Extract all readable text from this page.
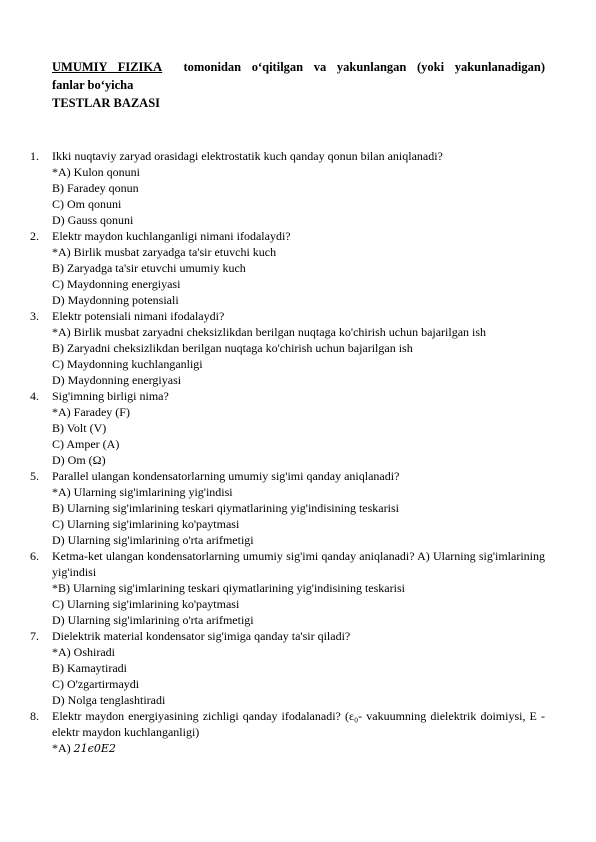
UMUMIY FIZIKA tomonidan o‘qitilgan va yakunlangan (yoki yakunlanadigan)
fanlar bo‘yicha
TESTLAR BAZASI
1. Ikki nuqtaviy zaryad orasidagi elektrostatik kuch qanday qonun bilan aniqlanadi?
*A) Kulon qonuni
B) Faradey qonun
C) Om qonuni
D) Gauss qonuni
2. Elektr maydon kuchlanganligi nimani ifodalaydi?
*A) Birlik musbat zaryadga ta'sir etuvchi kuch
B) Zaryadga ta'sir etuvchi umumiy kuch
C) Maydonning energiyasi
D) Maydonning potensiali
3. Elektr potensiali nimani ifodalaydi?
*A) Birlik musbat zaryadni cheksizlikdan berilgan nuqtaga ko'chirish uchun bajarilgan ish
B) Zaryadni cheksizlikdan berilgan nuqtaga ko'chirish uchun bajarilgan ish
C) Maydonning kuchlanganligi
D) Maydonning energiyasi
4. Sig'imning birligi nima?
*A) Faradey (F)
B) Volt (V)
C) Amper (A)
D) Om (Ω)
5. Parallel ulangan kondensatorlarning umumiy sig'imi qanday aniqlanadi?
*A) Ularning sig'imlarining yig'indisi
B) Ularning sig'imlarining teskari qiymatlarining yig'indisining teskarisi
C) Ularning sig'imlarining ko'paytmasi
D) Ularning sig'imlarining o'rta arifmetigi
6. Ketma-ket ulangan kondensatorlarning umumiy sig'imi qanday aniqlanadi? A) Ularning sig'imlarining yig'indisi
*B) Ularning sig'imlarining teskari qiymatlarining yig'indisining teskarisi
C) Ularning sig'imlarining ko'paytmasi
D) Ularning sig'imlarining o'rta arifmetigi
7. Dielektrik material kondensator sig'imiga qanday ta'sir qiladi?
*A) Oshiradi
B) Kamaytiradi
C) O'zgartirmaydi
D) Nolga tenglashtiradi
8. Elektr maydon energiyasining zichligi qanday ifodalanadi? (ε₀- vakuumning dielektrik doimiysi, E - elektr maydon kuchlanganligi)
*A) 21ϵ0E2
